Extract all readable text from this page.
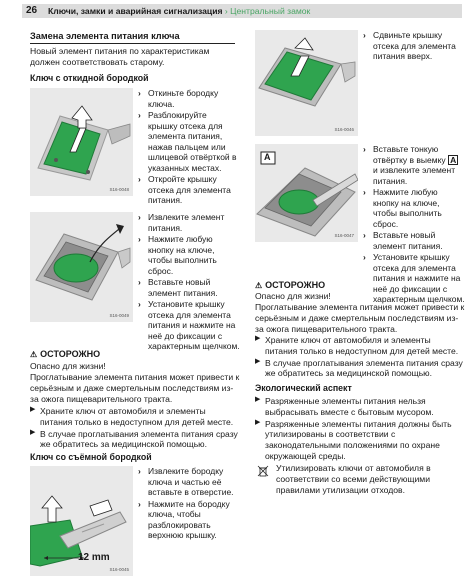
26 Ключи, замки и аварийная сигнализация › Центральный замок
Замена элемента питания ключа
Новый элемент питания по характеристикам должен соответствовать старому.
Ключ с откидной бородкой
S16-0048
› Откиньте бородку ключа.
› Разблокируйте крышку отсека для элемента питания, нажав пальцем или шлицевой отвёрткой в указанных местах.
› Откройте крышку отсека для элемента питания.
S16-0049
› Извлеките элемент питания.
› Нажмите любую кнопку на ключе, чтобы выполнить сброс.
› Вставьте новый элемент питания.
› Установите крышку отсека для элемента питания и нажмите на неё до фиксации с характерным щелчком.
⚠ ОСТОРОЖНО
Опасно для жизни!
Проглатывание элемента питания может привести к серьёзным и даже смертельным последствиям из-за ожога пищеварительного тракта.
▶ Храните ключ от автомобиля и элементы питания только в недоступном для детей месте.
▶ В случае проглатывания элемента питания сразу же обратитесь за медицинской помощью.
Ключ со съёмной бородкой
12 mm
S16-0045
› Извлеките бородку ключа и частью её вставьте в отверстие.
› Нажмите на бородку ключа, чтобы разблокировать верхнюю крышку.
S16-0046
› Сдвиньте крышку отсека для элемента питания вверх.
A
S16-0047
› Вставьте тонкую отвёртку в выемку A и извлеките элемент питания.
› Нажмите любую кнопку на ключе, чтобы выполнить сброс.
› Вставьте новый элемент питания.
› Установите крышку отсека для элемента питания и нажмите на неё до фиксации с характерным щелчком.
⚠ ОСТОРОЖНО
Опасно для жизни!
Проглатывание элемента питания может привести к серьёзным и даже смертельным последствиям из-за ожога пищеварительного тракта.
▶ Храните ключ от автомобиля и элементы питания только в недоступном для детей месте.
▶ В случае проглатывания элемента питания сразу же обратитесь за медицинской помощью.
Экологический аспект
▶ Разряженные элементы питания нельзя выбрасывать вместе с бытовым мусором.
▶ Разряженные элементы питания должны быть утилизированы в соответствии с законодательными положениями по охране окружающей среды.
Утилизировать ключи от автомобиля в соответствии со всеми действующими правилами утилизации отходов.
